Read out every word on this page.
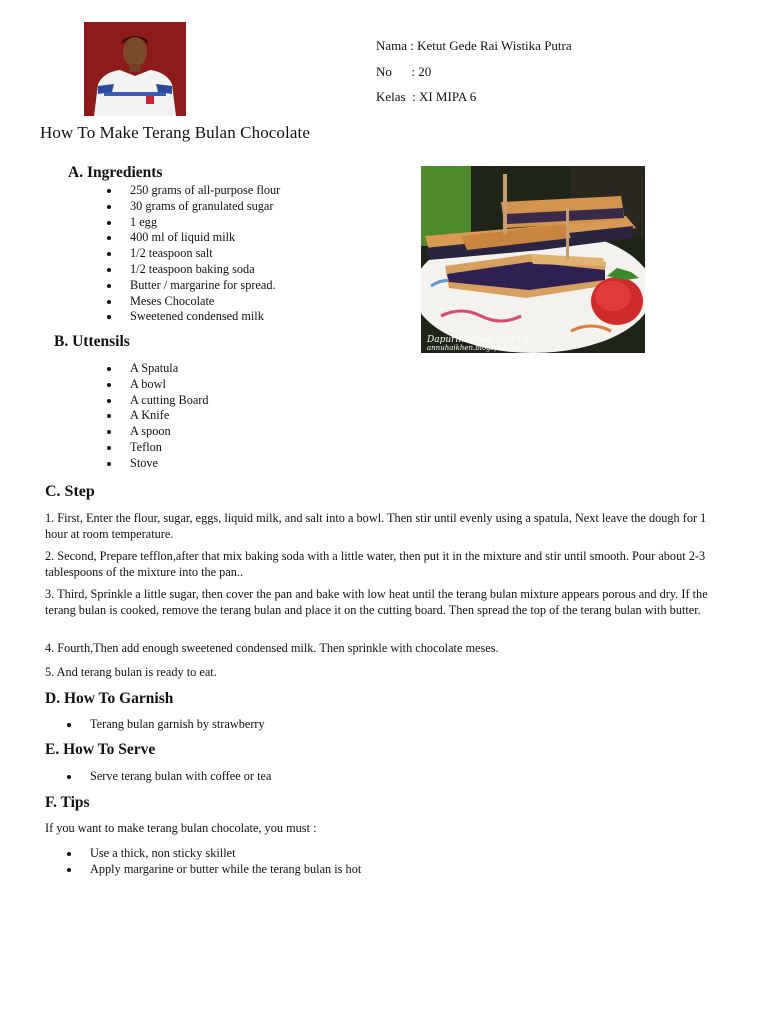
Nama : Ketut Gede Rai Wistika Putra
No      : 20
Kelas  : XI MIPA 6
How To Make Terang Bulan Chocolate
A. Ingredients
250 grams of all-purpose flour
30 grams of granulated sugar
1 egg
400 ml of liquid milk
1/2 teaspoon salt
1/2 teaspoon baking soda
Butter / margarine for spread.
Meses Chocolate
Sweetened condensed milk
Dapurlin Amal @2013
annuhaikhen.blogspot.com
B. Uttensils
A Spatula
A bowl
A cutting Board
A Knife
A spoon
Teflon
Stove
C. Step
1. First, Enter the flour, sugar, eggs, liquid milk, and salt into a bowl. Then stir until evenly using a spatula, Next leave the dough for 1 hour at room temperature.
2. Second, Prepare tefflon,after that mix baking soda with a little water, then put it in the mixture and stir until smooth. Pour about 2-3 tablespoons of the mixture into the pan..
3. Third, Sprinkle a little sugar, then cover the pan and bake with low heat until the terang bulan mixture appears porous and dry. If the terang bulan is cooked, remove the terang bulan and place it on the cutting board. Then spread the top of the terang bulan with butter.
4. Fourth,Then add enough sweetened condensed milk. Then sprinkle with chocolate meses.
5. And terang bulan is ready to eat.
D. How To Garnish
Terang bulan garnish by strawberry
E. How To Serve
Serve terang bulan with coffee or tea
F. Tips
If you want to make terang bulan chocolate, you must :
Use a thick, non sticky skillet
Apply margarine or butter while the terang bulan is hot
